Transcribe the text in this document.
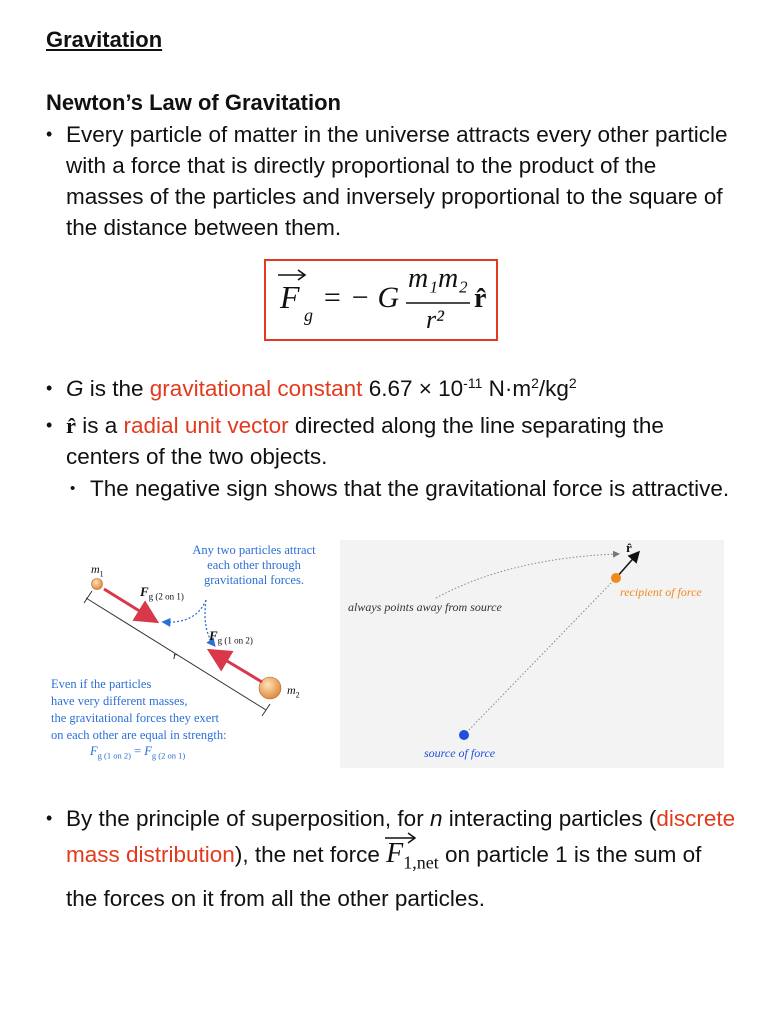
Gravitation
Newton’s Law of Gravitation
• Every particle of matter in the universe attracts every other particle with a force that is directly proportional to the product of the masses of the particles and inversely proportional to the square of the distance between them.
F g
= − G
m₁m₂
r²
r̂
• G is the gravitational constant $6.67 \times 10^{-11}$ $N\cdot m^2/kg^2$
• r̂ is a radial unit vector directed along the line separating the centers of the two objects.
• The negative sign shows that the gravitational force is attractive.
Any two particles attract
each other through
gravitational forces.
$m_1$
$m_2$
$F_{g (2 on 1)}$
$F_{g (1 on 2)}$
r
Even if the particles
have very different masses,
the gravitational forces they exert
on each other are equal in strength:
$F_{g (1 on 2)} = F_{g (2 on 1)}$
r̂
always points away from source
recipient of force
source of force
• By the principle of superposition, for n interacting particles (discrete mass distribution), the net force
$F_{1,net}$ on particle 1 is the sum of the forces on it from all the other particles.
